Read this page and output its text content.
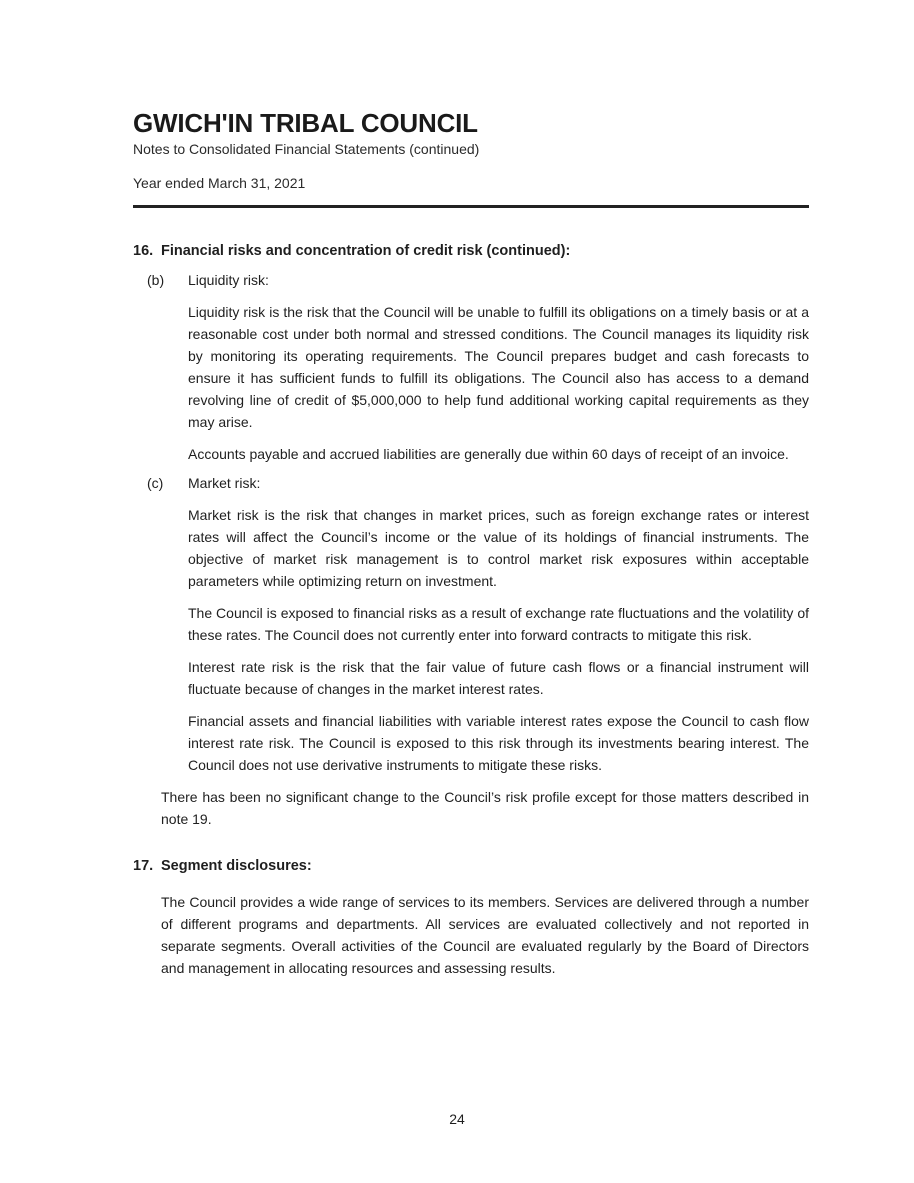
GWICH'IN TRIBAL COUNCIL

Notes to Consolidated Financial Statements (continued)

Year ended March 31, 2021

16. Financial risks and concentration of credit risk (continued):

(b) Liquidity risk:

Liquidity risk is the risk that the Council will be unable to fulfill its obligations on a timely basis or at a reasonable cost under both normal and stressed conditions. The Council manages its liquidity risk by monitoring its operating requirements. The Council prepares budget and cash forecasts to ensure it has sufficient funds to fulfill its obligations. The Council also has access to a demand revolving line of credit of $5,000,000 to help fund additional working capital requirements as they may arise.

Accounts payable and accrued liabilities are generally due within 60 days of receipt of an invoice.

(c) Market risk:

Market risk is the risk that changes in market prices, such as foreign exchange rates or interest rates will affect the Council’s income or the value of its holdings of financial instruments. The objective of market risk management is to control market risk exposures within acceptable parameters while optimizing return on investment.

The Council is exposed to financial risks as a result of exchange rate fluctuations and the volatility of these rates. The Council does not currently enter into forward contracts to mitigate this risk.

Interest rate risk is the risk that the fair value of future cash flows or a financial instrument will fluctuate because of changes in the market interest rates.

Financial assets and financial liabilities with variable interest rates expose the Council to cash flow interest rate risk. The Council is exposed to this risk through its investments bearing interest. The Council does not use derivative instruments to mitigate these risks.

There has been no significant change to the Council’s risk profile except for those matters described in note 19.

17. Segment disclosures:

The Council provides a wide range of services to its members. Services are delivered through a number of different programs and departments. All services are evaluated collectively and not reported in separate segments. Overall activities of the Council are evaluated regularly by the Board of Directors and management in allocating resources and assessing results.

24
